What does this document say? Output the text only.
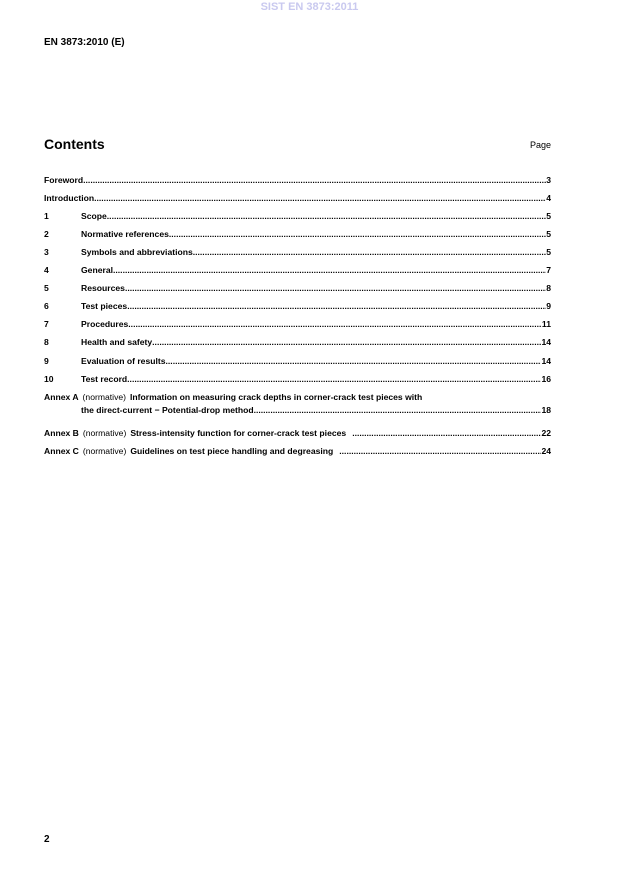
SIST EN 3873:2011
EN 3873:2010 (E)
Contents	Page
Foreword .....	3
Introduction .....	4
1	Scope .....	5
2	Normative references .....	5
3	Symbols and abbreviations .....	5
4	General .....	7
5	Resources .....	8
6	Test pieces .....	9
7	Procedures .....	11
8	Health and safety .....	14
9	Evaluation of results .....	14
10	Test record .....	16
Annex A (normative) Information on measuring crack depths in corner-crack test pieces with
the direct-current − Potential-drop method .....	18
Annex B (normative) Stress-intensity function for corner-crack test pieces .....	22
Annex C (normative) Guidelines on test piece handling and degreasing .....	24
2
